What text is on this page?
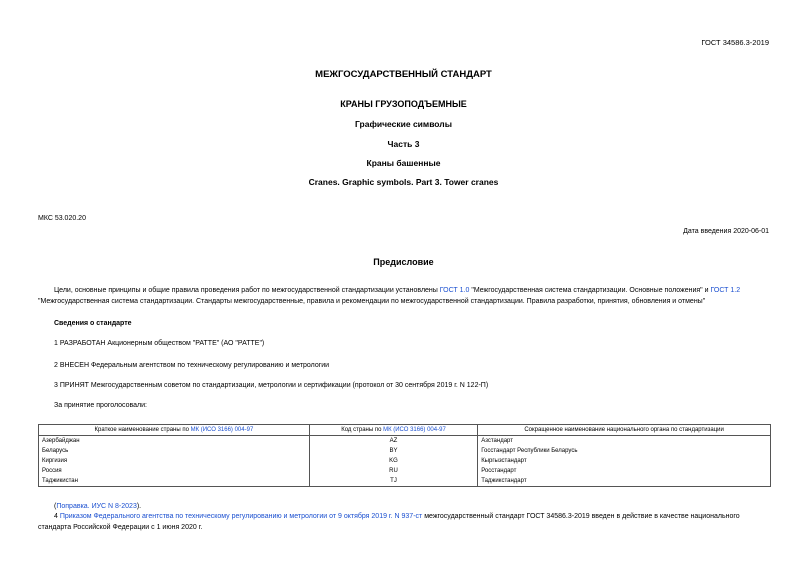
ГОСТ 34586.3-2019
МЕЖГОСУДАРСТВЕННЫЙ СТАНДАРТ
КРАНЫ ГРУЗОПОДЪЕМНЫЕ
Графические символы
Часть 3
Краны башенные
Cranes. Graphic symbols. Part 3. Tower cranes
МКС 53.020.20
Дата введения 2020-06-01
Предисловие
Цели, основные принципы и общие правила проведения работ по межгосударственной стандартизации установлены ГОСТ 1.0 "Межгосударственная система стандартизации. Основные положения" и ГОСТ 1.2 "Межгосударственная система стандартизации. Стандарты межгосударственные, правила и рекомендации по межгосударственной стандартизации. Правила разработки, принятия, обновления и отмены"
Сведения о стандарте
1 РАЗРАБОТАН Акционерным обществом "РАТТЕ" (АО "РАТТЕ")
2 ВНЕСЕН Федеральным агентством по техническому регулированию и метрологии
3 ПРИНЯТ Межгосударственным советом по стандартизации, метрологии и сертификации (протокол от 30 сентября 2019 г. N 122-П)
За принятие проголосовали:
Краткое наименование страны по МК (ИСО 3166) 004-97	Код страны по МК (ИСО 3166) 004-97	Сокращенное наименование национального органа по стандартизации
Азербайджан	AZ	Азстандарт
Беларусь	BY	Госстандарт Республики Беларусь
Киргизия	KG	Кыргызстандарт
Россия	RU	Росстандарт
Таджикистан	TJ	Таджикстандарт
(Поправка. ИУС N 8-2023).
4 Приказом Федерального агентства по техническому регулированию и метрологии от 9 октября 2019 г. N 937-ст межгосударственный стандарт ГОСТ 34586.3-2019 введен в действие в качестве национального стандарта Российской Федерации с 1 июня 2020 г.
